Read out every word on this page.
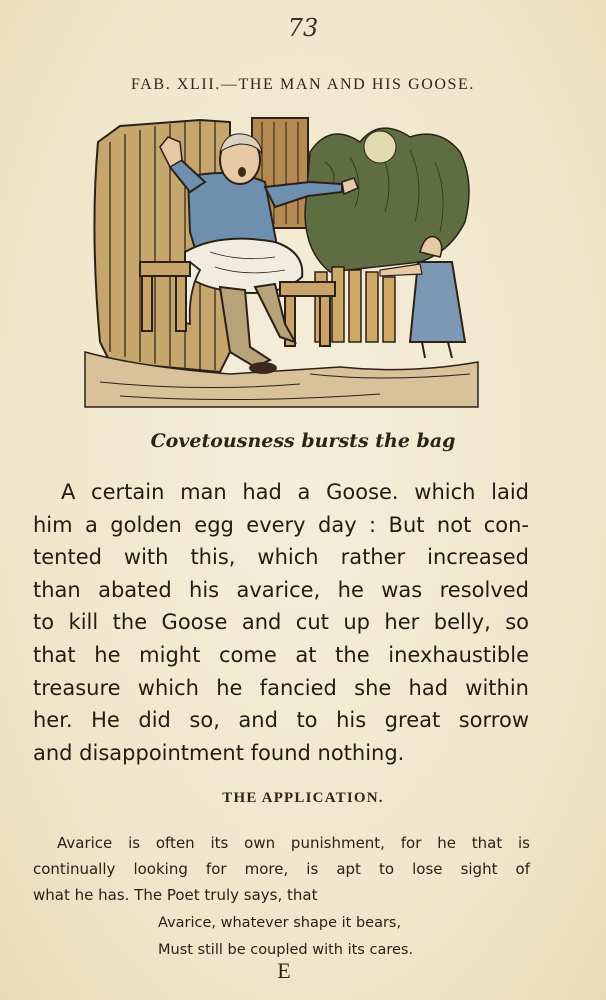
73
FAB. XLII.—THE MAN AND HIS GOOSE.
Covetousness bursts the bag
A certain man had a Goose. which laid
him a golden egg every day : But not con-
tented with this, which rather increased
than abated his avarice, he was resolved
to kill the Goose and cut up her belly, so
that he might come at the inexhaustible
treasure which he fancied she had within
her. He did so, and to his great sorrow
and disappointment found nothing.
THE APPLICATION.
Avarice is often its own punishment, for he that is
continually looking for more, is apt to lose sight of
what he has. The Poet truly says, that
Avarice, whatever shape it bears,
Must still be coupled with its cares.
E
